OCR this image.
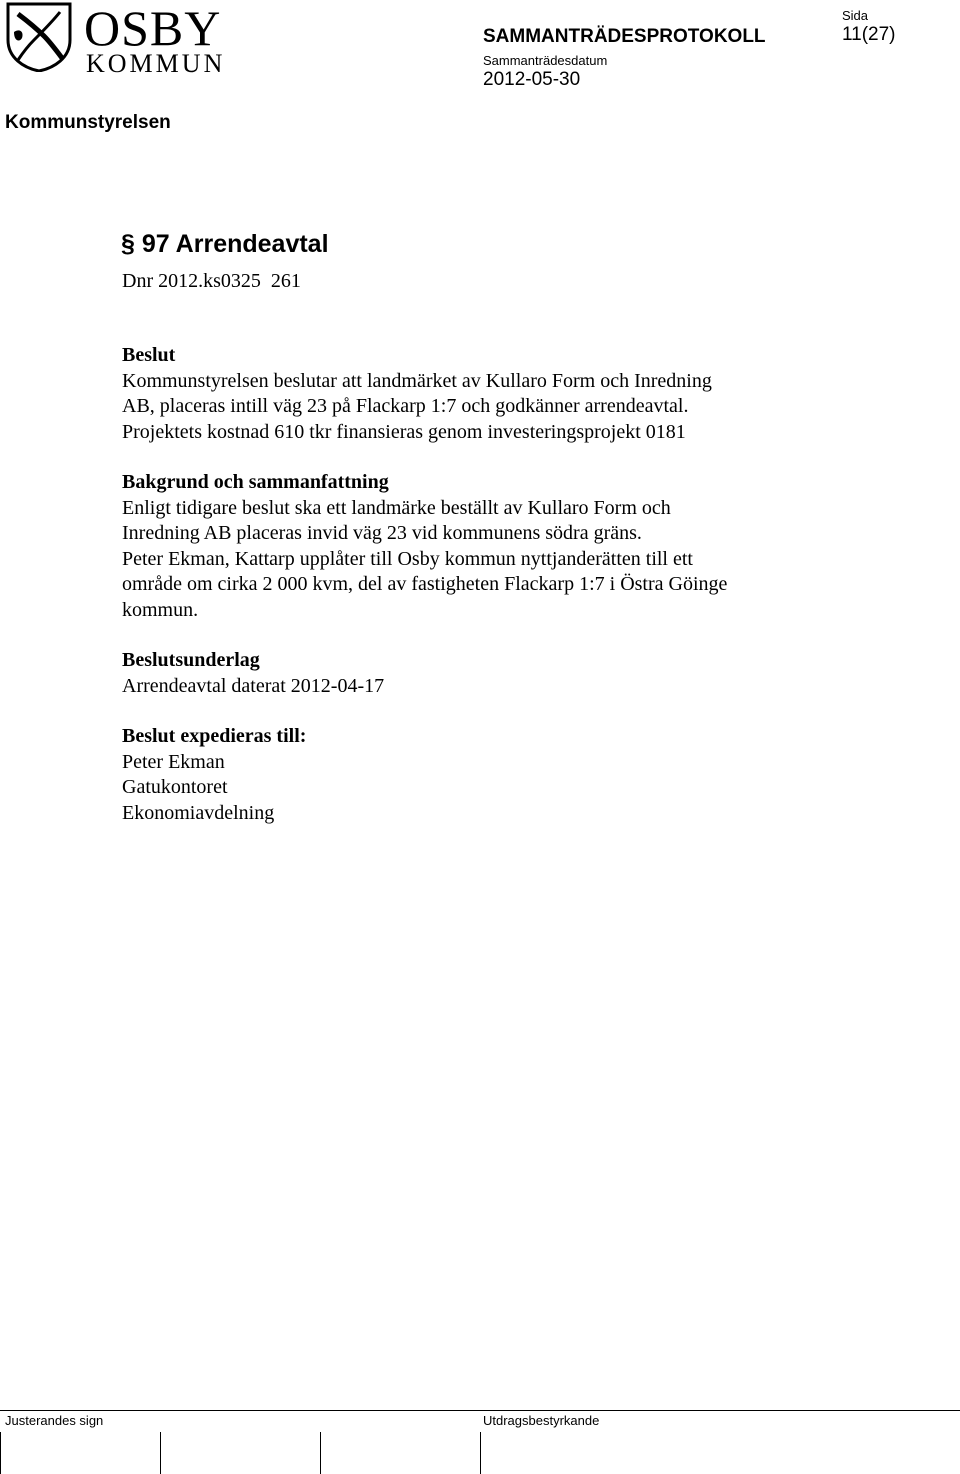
OSBY
KOMMUN
SAMMANTRÄDESPROTOKOLL
Sammanträdesdatum
2012-05-30
Sida
11(27)
Kommunstyrelsen
§ 97 Arrendeavtal
Dnr 2012.ks0325  261
Beslut
Kommunstyrelsen beslutar att landmärket av Kullaro Form och Inredning
AB, placeras intill väg 23 på Flackarp 1:7 och godkänner arrendeavtal.
Projektets kostnad 610 tkr finansieras genom investeringsprojekt 0181
Bakgrund och sammanfattning
Enligt tidigare beslut ska ett landmärke beställt av Kullaro Form och
Inredning AB placeras invid väg 23 vid kommunens södra gräns.
Peter Ekman, Kattarp upplåter till Osby kommun nyttjanderätten till ett
område om cirka 2 000 kvm, del av fastigheten Flackarp 1:7 i Östra Göinge
kommun.
Beslutsunderlag
Arrendeavtal daterat 2012-04-17
Beslut expedieras till:
Peter Ekman
Gatukontoret
Ekonomiavdelning
Justerandes sign	Utdragsbestyrkande
